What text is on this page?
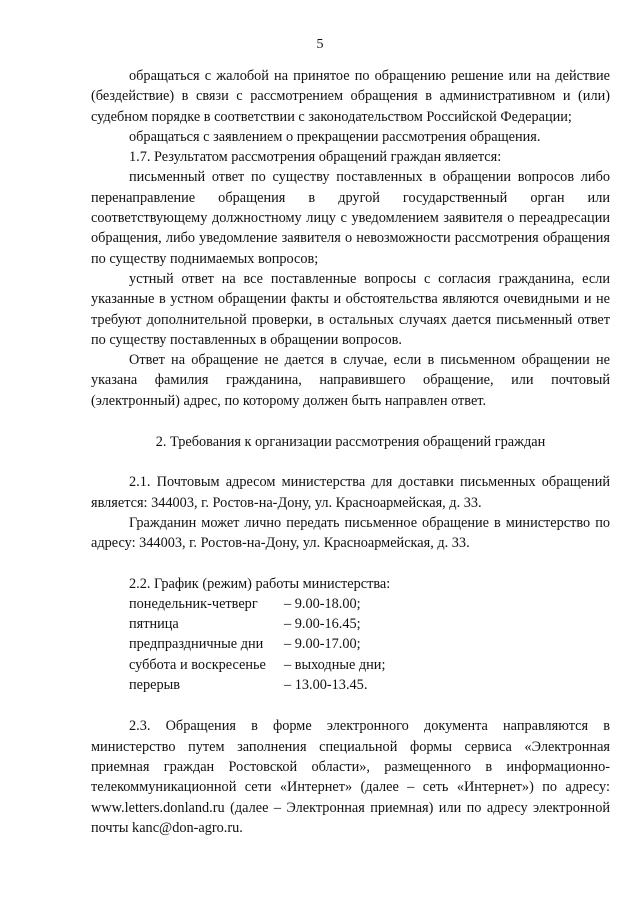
5

обращаться с жалобой на принятое по обращению решение или на действие (бездействие) в связи с рассмотрением обращения в административном и (или) судебном порядке в соответствии с законодательством Российской Федерации;

обращаться с заявлением о прекращении рассмотрения обращения.

1.7. Результатом рассмотрения обращений граждан является:

письменный ответ по существу поставленных в обращении вопросов либо перенаправление обращения в другой государственный орган или соответствующему должностному лицу с уведомлением заявителя о переадресации обращения, либо уведомление заявителя о невозможности рассмотрения обращения по существу поднимаемых вопросов;

устный ответ на все поставленные вопросы с согласия гражданина, если указанные в устном обращении факты и обстоятельства являются очевидными и не требуют дополнительной проверки, в остальных случаях дается письменный ответ по существу поставленных в обращении вопросов.

Ответ на обращение не дается в случае, если в письменном обращении не указана фамилия гражданина, направившего обращение, или почтовый (электронный) адрес, по которому должен быть направлен ответ.

2. Требования к организации рассмотрения обращений граждан

2.1. Почтовым адресом министерства для доставки письменных обращений является: 344003, г. Ростов-на-Дону, ул. Красноармейская, д. 33.

Гражданин может лично передать письменное обращение в министерство по адресу: 344003, г. Ростов-на-Дону, ул. Красноармейская, д. 33.

2.2. График (режим) работы министерства:

понедельник-четверг	– 9.00-18.00;
пятница	– 9.00-16.45;
предпраздничные дни	– 9.00-17.00;
суббота и воскресенье	– выходные дни;
перерыв	– 13.00-13.45.

2.3. Обращения в форме электронного документа направляются в министерство путем заполнения специальной формы сервиса «Электронная приемная граждан Ростовской области», размещенного в информационно-телекоммуникационной сети «Интернет» (далее – сеть «Интернет») по адресу: www.letters.donland.ru (далее – Электронная приемная) или по адресу электронной почты kanc@don-agro.ru.
